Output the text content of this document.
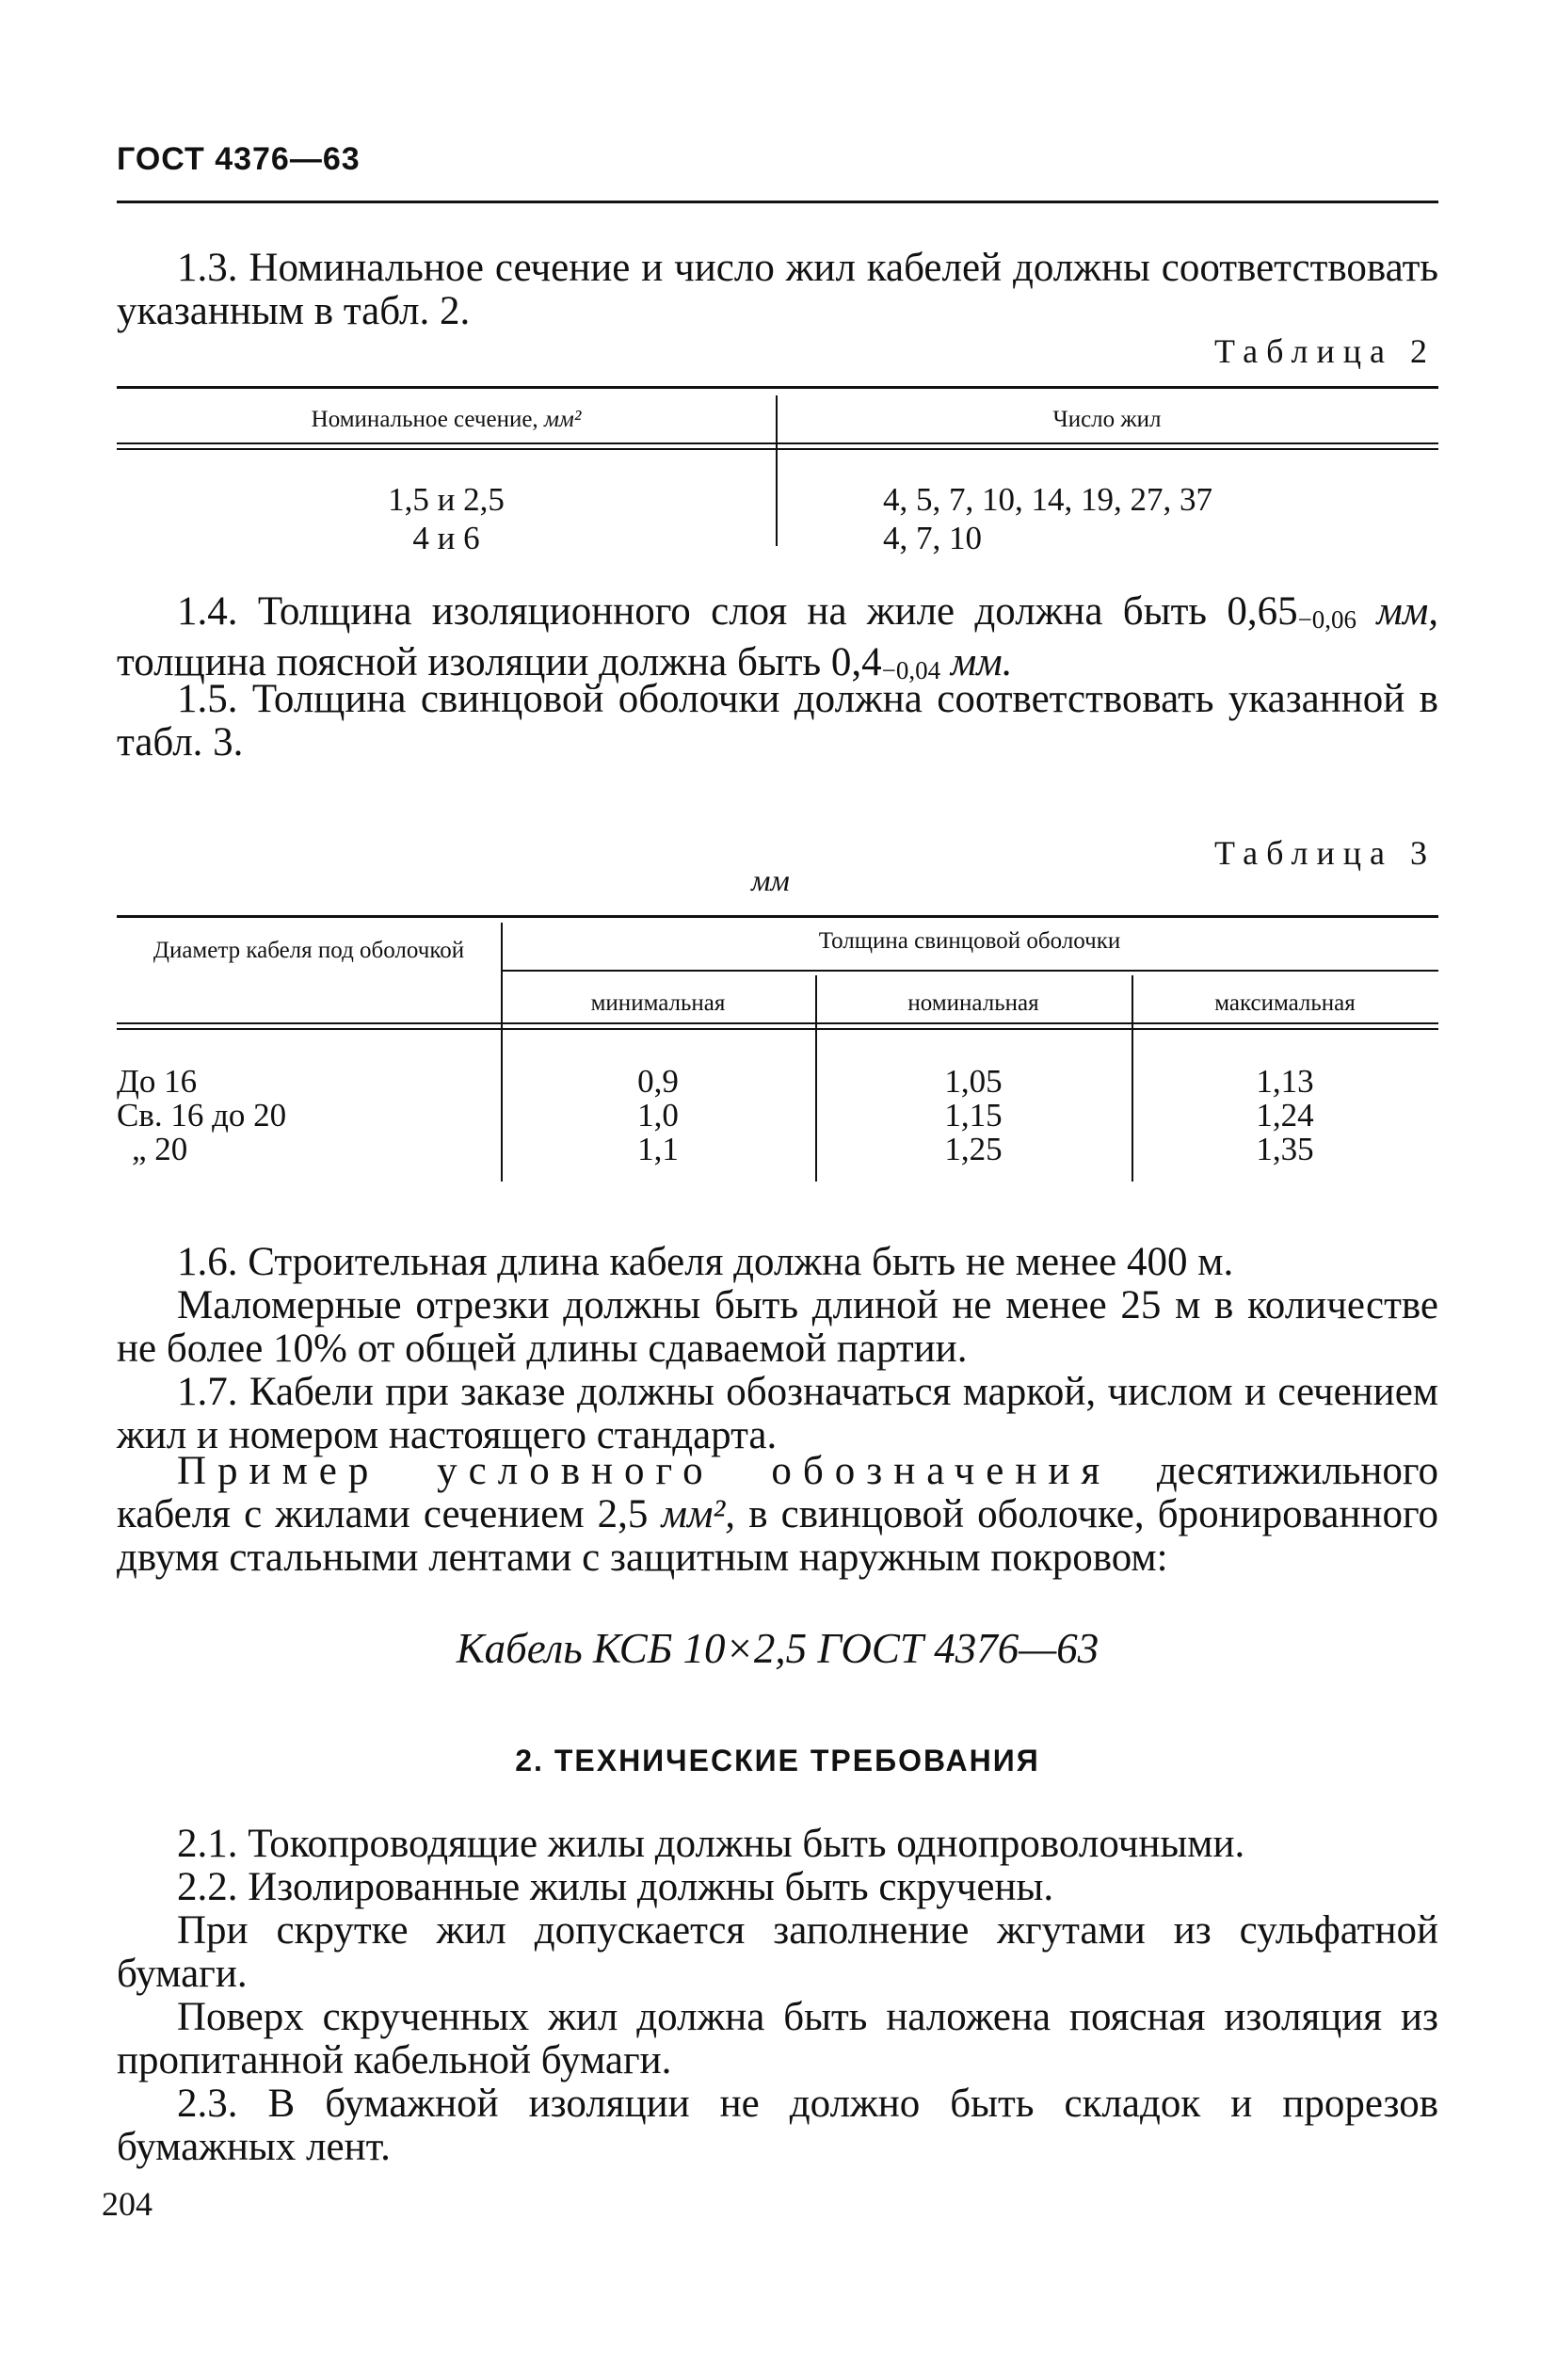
ГОСТ 4376—63
1.3. Номинальное сечение и число жил кабелей должны соответствовать указанным в табл. 2.
Таблица 2
Номинальное сечение, мм²	Число жил
1,5 и 2,5	4, 5, 7, 10, 14, 19, 27, 37
4 и 6	4, 7, 10
1.4. Толщина изоляционного слоя на жиле должна быть 0,65−0,06 мм, толщина поясной изоляции должна быть 0,4−0,04 мм.
1.5. Толщина свинцовой оболочки должна соответствовать указанной в табл. 3.
Таблица 3
мм
Диаметр кабеля под оболочкой	Толщина свинцовой оболочки
минимальная	номинальная	максимальная
До 16	0,9	1,05	1,13
Св. 16 до 20	1,0	1,15	1,24
„ 20	1,1	1,25	1,35
1.6. Строительная длина кабеля должна быть не менее 400 м.
Маломерные отрезки должны быть длиной не менее 25 м в количестве не более 10% от общей длины сдаваемой партии.
1.7. Кабели при заказе должны обозначаться маркой, числом и сечением жил и номером настоящего стандарта.
Пример условного обозначения десятижильного кабеля с жилами сечением 2,5 мм², в свинцовой оболочке, бронированного двумя стальными лентами с защитным наружным покровом:
Кабель КСБ 10×2,5 ГОСТ 4376—63
2. ТЕХНИЧЕСКИЕ ТРЕБОВАНИЯ
2.1. Токопроводящие жилы должны быть однопроволочными.
2.2. Изолированные жилы должны быть скручены.
При скрутке жил допускается заполнение жгутами из сульфатной бумаги.
Поверх скрученных жил должна быть наложена поясная изоляция из пропитанной кабельной бумаги.
2.3. В бумажной изоляции не должно быть складок и прорезов бумажных лент.
204
